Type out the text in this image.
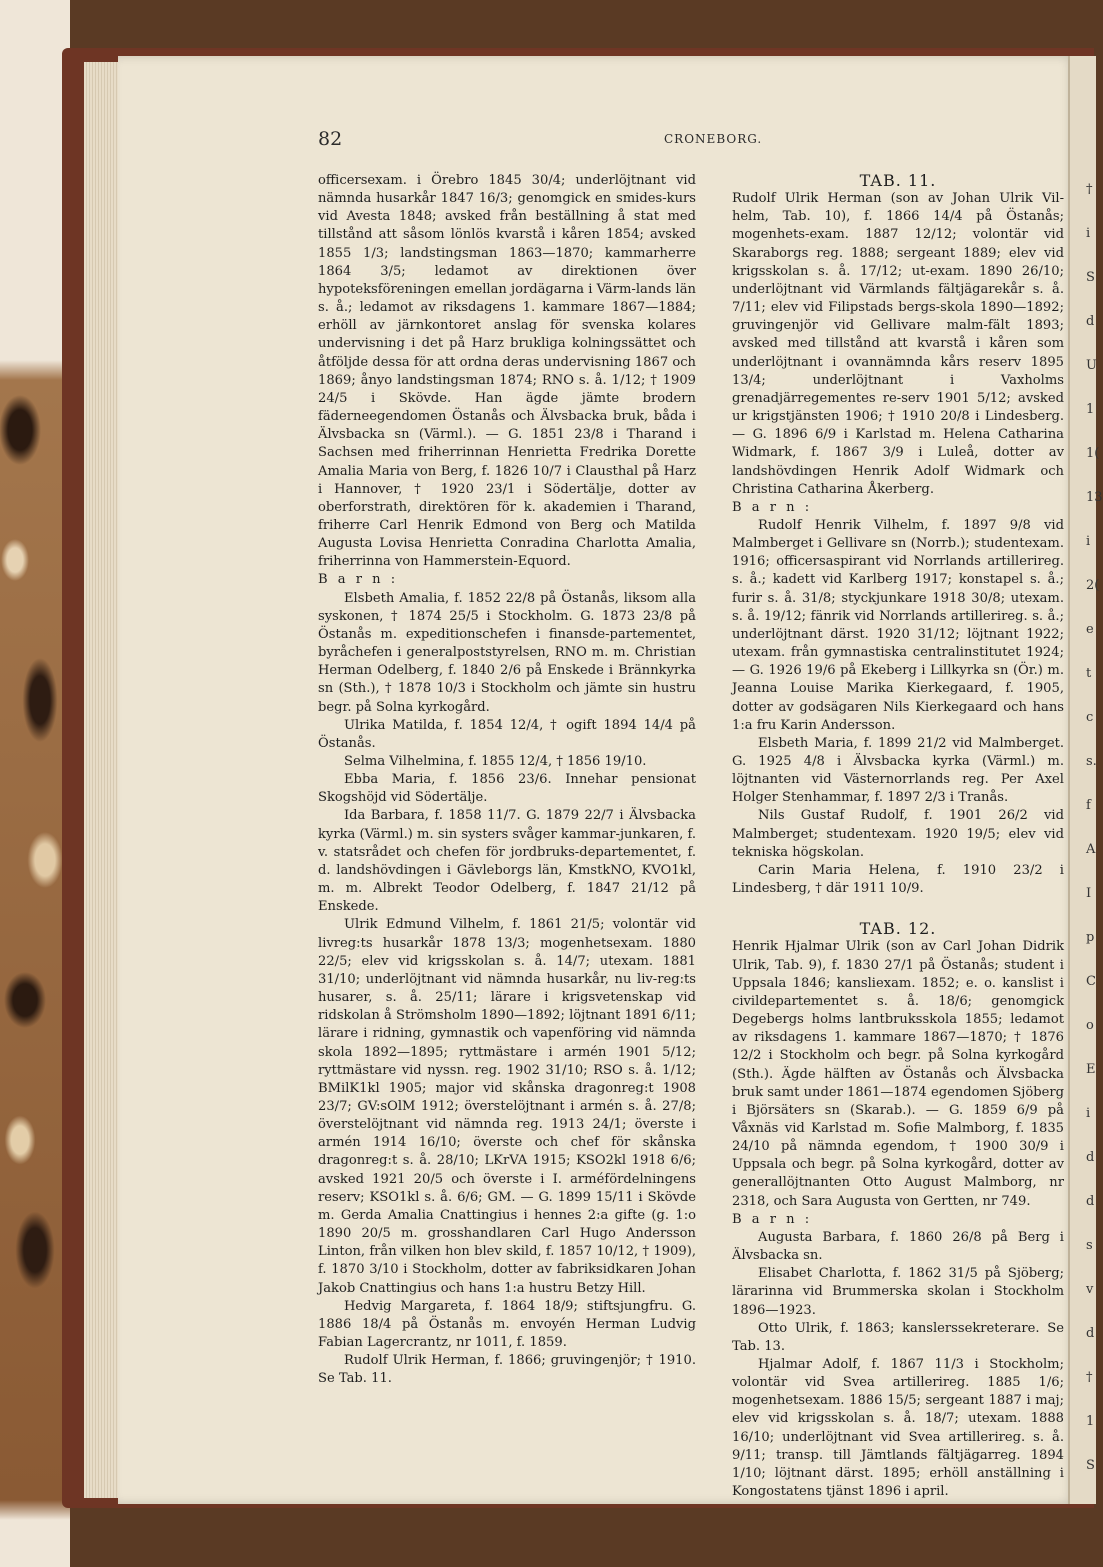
†
i
S
d
U
1
1(
13
i
2(
e
t
c
s.
f
A
I
p
C
o
E
i
d
d
s
v
d
†
1
S
82	CRONEBORG.

officersexam. i Örebro 1845 30/4; underlöjtnant vid nämnda husarkår 1847 16/3; genomgick en smides-kurs vid Avesta 1848; avsked från beställning å stat med tillstånd att såsom lönlös kvarstå i kåren 1854; avsked 1855 1/3; landstingsman 1863—1870; kammarherre 1864 3/5; ledamot av direktionen över hypoteksföreningen emellan jordägarna i Värm-lands län s. å.; ledamot av riksdagens 1. kammare 1867—1884; erhöll av järnkontoret anslag för svenska kolares undervisning i det på Harz brukliga kolningssättet och åtföljde dessa för att ordna deras undervisning 1867 och 1869; ånyo landstingsman 1874; RNO s. å. 1/12; † 1909 24/5 i Skövde. Han ägde jämte brodern fäderneegendomen Östanås och Älvsbacka bruk, båda i Älvsbacka sn (Värml.). — G. 1851 23/8 i Tharand i Sachsen med friherrinnan Henrietta Fredrika Dorette Amalia Maria von Berg, f. 1826 10/7 i Clausthal på Harz i Hannover, † 1920 23/1 i Södertälje, dotter av oberforstrath, direktören för k. akademien i Tharand, friherre Carl Henrik Edmond von Berg och Matilda Augusta Lovisa Henrietta Conradina Charlotta Amalia, friherrinna von Hammerstein-Equord.

B a r n :

Elsbeth Amalia, f. 1852 22/8 på Östanås, liksom alla syskonen, † 1874 25/5 i Stockholm. G. 1873 23/8 på Östanås m. expeditionschefen i finansde-partementet, byråchefen i generalpoststyrelsen, RNO m. m. Christian Herman Odelberg, f. 1840 2/6 på Enskede i Brännkyrka sn (Sth.), † 1878 10/3 i Stockholm och jämte sin hustru begr. på Solna kyrkogård.

Ulrika Matilda, f. 1854 12/4, † ogift 1894 14/4 på Östanås.

Selma Vilhelmina, f. 1855 12/4, † 1856 19/10.

Ebba Maria, f. 1856 23/6. Innehar pensionat Skogshöjd vid Södertälje.

Ida Barbara, f. 1858 11/7. G. 1879 22/7 i Älvsbacka kyrka (Värml.) m. sin systers svåger kammar-junkaren, f. v. statsrådet och chefen för jordbruks-departementet, f. d. landshövdingen i Gävleborgs län, KmstkNO, KVO1kl, m. m. Albrekt Teodor Odelberg, f. 1847 21/12 på Enskede.

Ulrik Edmund Vilhelm, f. 1861 21/5; volontär vid livreg:ts husarkår 1878 13/3; mogenhetsexam. 1880 22/5; elev vid krigsskolan s. å. 14/7; utexam. 1881 31/10; underlöjtnant vid nämnda husarkår, nu liv-reg:ts husarer, s. å. 25/11; lärare i krigsvetenskap vid ridskolan å Strömsholm 1890—1892; löjtnant 1891 6/11; lärare i ridning, gymnastik och vapenföring vid nämnda skola 1892—1895; ryttmästare i armén 1901 5/12; ryttmästare vid nyssn. reg. 1902 31/10; RSO s. å. 1/12; BMilK1kl 1905; major vid skånska dragonreg:t 1908 23/7; GV:sOlM 1912; överstelöjtnant i armén s. å. 27/8; överstelöjtnant vid nämnda reg. 1913 24/1; överste i armén 1914 16/10; överste och chef för skånska dragonreg:t s. å. 28/10; LKrVA 1915; KSO2kl 1918 6/6; avsked 1921 20/5 och överste i I. arméfördelningens reserv; KSO1kl s. å. 6/6; GM. — G. 1899 15/11 i Skövde m. Gerda Amalia Cnattingius i hennes 2:a gifte (g. 1:o 1890 20/5 m. grosshandlaren Carl Hugo Andersson Linton, från vilken hon blev skild, f. 1857 10/12, † 1909), f. 1870 3/10 i Stockholm, dotter av fabriksidkaren Johan Jakob Cnattingius och hans 1:a hustru Betzy Hill.

Hedvig Margareta, f. 1864 18/9; stiftsjungfru. G. 1886 18/4 på Östanås m. envoyén Herman Ludvig Fabian Lagercrantz, nr 1011, f. 1859.

Rudolf Ulrik Herman, f. 1866; gruvingenjör; † 1910. Se Tab. 11.

TAB. 11.

Rudolf Ulrik Herman (son av Johan Ulrik Vil-helm, Tab. 10), f. 1866 14/4 på Östanås; mogenhets-exam. 1887 12/12; volontär vid Skaraborgs reg. 1888; sergeant 1889; elev vid krigsskolan s. å. 17/12; ut-exam. 1890 26/10; underlöjtnant vid Värmlands fältjägarekår s. å. 7/11; elev vid Filipstads bergs-skola 1890—1892; gruvingenjör vid Gellivare malm-fält 1893; avsked med tillstånd att kvarstå i kåren som underlöjtnant i ovannämnda kårs reserv 1895 13/4; underlöjtnant i Vaxholms grenadjärregementes re-serv 1901 5/12; avsked ur krigstjänsten 1906; † 1910 20/8 i Lindesberg. — G. 1896 6/9 i Karlstad m. Helena Catharina Widmark, f. 1867 3/9 i Luleå, dotter av landshövdingen Henrik Adolf Widmark och Christina Catharina Åkerberg.

B a r n :

Rudolf Henrik Vilhelm, f. 1897 9/8 vid Malmberget i Gellivare sn (Norrb.); studentexam. 1916; officersaspirant vid Norrlands artillerireg. s. å.; kadett vid Karlberg 1917; konstapel s. å.; furir s. å. 31/8; styckjunkare 1918 30/8; utexam. s. å. 19/12; fänrik vid Norrlands artillerireg. s. å.; underlöjtnant därst. 1920 31/12; löjtnant 1922; utexam. från gymnastiska centralinstitutet 1924; — G. 1926 19/6 på Ekeberg i Lillkyrka sn (Ör.) m. Jeanna Louise Marika Kierkegaard, f. 1905, dotter av godsägaren Nils Kierkegaard och hans 1:a fru Karin Andersson.

Elsbeth Maria, f. 1899 21/2 vid Malmberget. G. 1925 4/8 i Älvsbacka kyrka (Värml.) m. löjtnanten vid Västernorrlands reg. Per Axel Holger Stenhammar, f. 1897 2/3 i Tranås.

Nils Gustaf Rudolf, f. 1901 26/2 vid Malmberget; studentexam. 1920 19/5; elev vid tekniska högskolan.

Carin Maria Helena, f. 1910 23/2 i Lindesberg, † där 1911 10/9.

TAB. 12.

Henrik Hjalmar Ulrik (son av Carl Johan Didrik Ulrik, Tab. 9), f. 1830 27/1 på Östanås; student i Uppsala 1846; kansliexam. 1852; e. o. kanslist i civildepartementet s. å. 18/6; genomgick Degebergs holms lantbruksskola 1855; ledamot av riksdagens 1. kammare 1867—1870; † 1876 12/2 i Stockholm och begr. på Solna kyrkogård (Sth.). Ägde hälften av Östanås och Älvsbacka bruk samt under 1861—1874 egendomen Sjöberg i Björsäters sn (Skarab.). — G. 1859 6/9 på Våxnäs vid Karlstad m. Sofie Malmborg, f. 1835 24/10 på nämnda egendom, † 1900 30/9 i Uppsala och begr. på Solna kyrkogård, dotter av generallöjtnanten Otto August Malmborg, nr 2318, och Sara Augusta von Gertten, nr 749.

B a r n :

Augusta Barbara, f. 1860 26/8 på Berg i Älvsbacka sn.

Elisabet Charlotta, f. 1862 31/5 på Sjöberg; lärarinna vid Brummerska skolan i Stockholm 1896—1923.

Otto Ulrik, f. 1863; kanslerssekreterare. Se Tab. 13.

Hjalmar Adolf, f. 1867 11/3 i Stockholm; volontär vid Svea artillerireg. 1885 1/6; mogenhetsexam. 1886 15/5; sergeant 1887 i maj; elev vid krigsskolan s. å. 18/7; utexam. 1888 16/10; underlöjtnant vid Svea artillerireg. s. å. 9/11; transp. till Jämtlands fältjägarreg. 1894 1/10; löjtnant därst. 1895; erhöll anställning i Kongostatens tjänst 1896 i april.
